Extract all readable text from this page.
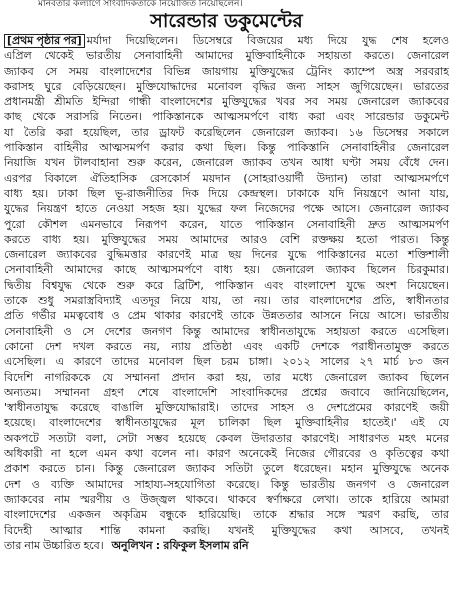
মানবতার কল্যাণে সাংবাদিকতাকে নিয়োজিত নিয়েছিলেন।
সারেন্ডার ডকুমেন্টের
[প্রথম পৃষ্ঠার পর] মর্যাদা দিয়েছিলেন। ডিসেম্বরে বিজয়ের মধ্য দিয়ে যুদ্ধ শেষ হলেও
এপ্রিল থেকেই ভারতীয় সেনাবাহিনী আমাদের মুক্তিবাহিনীকে সহায়তা করতে। জেনারেল
জ্যাকব সে সময় বাংলাদেশের বিভিন্ন জায়গায় মুক্তিযুদ্ধের ট্রেনিং ক্যাম্পে অস্ত্র সরবরাহ
করাসহ ঘুরে বেড়িয়েছেন। মুক্তিযোদ্ধাদের মনোবল বৃদ্ধির জন্য সাহস জুগিয়েছেন। ভারতের
প্রধানমন্ত্রী শ্রীমতি ইন্দিরা গান্ধী বাংলাদেশের মুক্তিযুদ্ধের খবর সব সময় জেনারেল জ্যাকবের
কাছ থেকে সরাসরি নিতেন। পাকিস্তানকে আত্মসমর্পণে বাধ্য করা এবং সারেন্ডার ডকুমেন্ট
যা তৈরি করা হয়েছিল, তার ড্রাফট করেছিলেন জেনারেল জ্যাকব। ১৬ ডিসেম্বর সকালে
পাকিস্তান বাহিনীর আত্মসমর্পণ করার কথা ছিল। কিন্তু পাকিস্তানি সেনাবাহিনীর জেনারেল
নিয়াজি যখন টালবাহানা শুরু করেন, জেনারেল জ্যাকব তখন আধা ঘণ্টা সময় বেঁধে দেন।
এরপর বিকালে ঐতিহাসিক রেসকোর্স ময়দান (সোহরাওয়ার্দী উদ্যান) তারা আত্মসমর্পণে
বাধ্য হয়। ঢাকা ছিল ভূ-রাজনীতির দিক দিয়ে কেন্দ্রস্থল। ঢাকাকে যদি নিয়ন্ত্রণে আনা যায়,
যুদ্ধের নিয়ন্ত্রণ হাতে নেওয়া সহজ হয়। যুদ্ধের ফল নিজেদের পক্ষে আসে। জেনারেল জ্যাকব
পুরো কৌশল এমনভাবে নিরূপণ করেন, যাতে পাকিস্তান সেনাবাহিনী দ্রুত আত্মসমর্পণ
করতে বাধ্য হয়। মুক্তিযুদ্ধের সময় আমাদের আরও বেশি রক্তক্ষয় হতো পারত। কিন্তু
জেনারেল জ্যাকবের বুদ্ধিমত্তার কারণেই মাত্র ছয় দিনের যুদ্ধে পাকিস্তানের মতো শক্তিশালী
সেনাবাহিনী আমাদের কাছে আত্মসমর্পণে বাধ্য হয়। জেনারেল জ্যাকব ছিলেন চিরকুমার।
দ্বিতীয় বিশ্বযুদ্ধ থেকে শুরু করে ব্রিটিশ, পাকিস্তান এবং বাংলাদেশ যুদ্ধে অংশ নিয়েছেন।
তাকে শুধু সমরাস্ত্রবিদ্যাই এতদূর নিয়ে যায়, তা নয়। তার বাংলাদেশের প্রতি, স্বাধীনতার
প্রতি গর্ভীর মমত্ববোধ ও প্রেম থাকার কারণেই তাকে উন্নততার আসনে নিয়ে আসে। ভারতীয়
সেনাবাহিনী ও সে দেশের জনগণ কিন্তু আমাদের স্বাধীনতাযুদ্ধে সহায়তা করতে এসেছিল।
কোনো দেশ দখল করতে নয়, ন্যায় প্রতিষ্ঠা এবং একটি দেশকে পরাধীনতামুক্ত করতে
এসেছিল। এ কারণে তাদের মনোবল ছিল চরম চাঙ্গা। ২০১২ সালের ২৭ মার্চ ৮৩ জন
বিদেশি নাগরিককে যে সম্মাননা প্রদান করা হয়, তার মধ্যে জেনারেল জ্যাকব ছিলেন
অন্যতম। সম্মাননা গ্রহণ শেষে বাংলাদেশি সাংবাদিকদের প্রশ্নের জবাবে জানিয়েছিলেন,
'স্বাধীনতাযুদ্ধ করেছে বাঙালি মুক্তিযোদ্ধারাই। তাদের সাহস ও দেশপ্রেমের কারণেই জয়ী
হয়েছে। বাংলাদেশের স্বাধীনতাযুদ্ধের মূল চালিকা ছিল মুক্তিবাহিনীর হাতেই।' এই যে
অকপটে সত্যটা বলা, সেটা সম্ভব হয়েছে কেবল উদারতার কারণেই। সাধারণত মহৎ মনের
অধিকারী না হলে এমন কথা বলেন না। কারণ অনেকেই নিজের গৌরবের ও কৃতিত্বের কথা
প্রকাশ করতে চান। কিন্তু জেনারেল জ্যাকব সতিটা তুলে ধরেছেন। মহান মুক্তিযুদ্ধে অনেক
দেশ ও ব্যক্তি আমাদের সাহায্য-সহযোগিতা করেছে। কিন্তু ভারতীয় জনগণ ও জেনারেল
জ্যাকবের নাম স্মরণীয় ও উজ্জ্বল থাকবে। থাকবে স্বর্ণাক্ষরে লেখা। তাকে হারিয়ে আমরা
বাংলাদেশের একজন অকৃত্রিম বন্ধুকে হারিয়েছি। তাকে শ্রদ্ধার সঙ্গে স্মরণ করছি, তার
বিদেহী আত্মার শান্তি কামনা করছি। যখনই মুক্তিযুদ্ধের কথা আসবে, তখনই
তার নাম উচ্চারিত হবে। অনুলিখন : রফিকুল ইসলাম রনি
